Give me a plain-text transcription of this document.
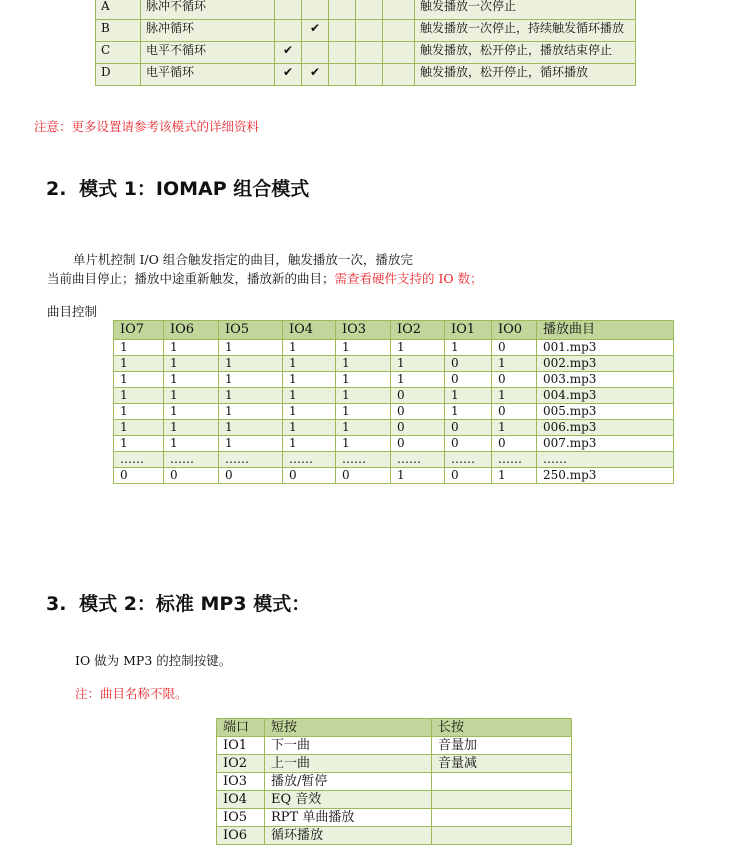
A	脉冲不循环						触发播放一次停止
B	脉冲循环		✔				触发播放一次停止，持续触发循环播放
C	电平不循环	✔					触发播放，松开停止，播放结束停止
D	电平循环	✔	✔				触发播放，松开停止，循环播放
注意：更多设置请参考该模式的详细资料
2. 模式 1：IOMAP 组合模式
单片机控制 I/O 组合触发指定的曲目，触发播放一次，播放完
当前曲目停止；播放中途重新触发，播放新的曲目；需查看硬件支持的 IO 数；
曲目控制
IO7	IO6	IO5	IO4	IO3	IO2	IO1	IO0	播放曲目
1	1	1	1	1	1	1	0	001.mp3
1	1	1	1	1	1	0	1	002.mp3
1	1	1	1	1	1	0	0	003.mp3
1	1	1	1	1	0	1	1	004.mp3
1	1	1	1	1	0	1	0	005.mp3
1	1	1	1	1	0	0	1	006.mp3
1	1	1	1	1	0	0	0	007.mp3
……	……	……	……	……	……	……	……	……
0	0	0	0	0	1	0	1	250.mp3
3. 模式 2：标准 MP3 模式：
IO 做为 MP3 的控制按键。
注：曲目名称不限。
端口	短按	长按
IO1	下一曲	音量加
IO2	上一曲	音量减
IO3	播放/暂停	
IO4	EQ 音效	
IO5	RPT 单曲播放	
IO6	循环播放	
